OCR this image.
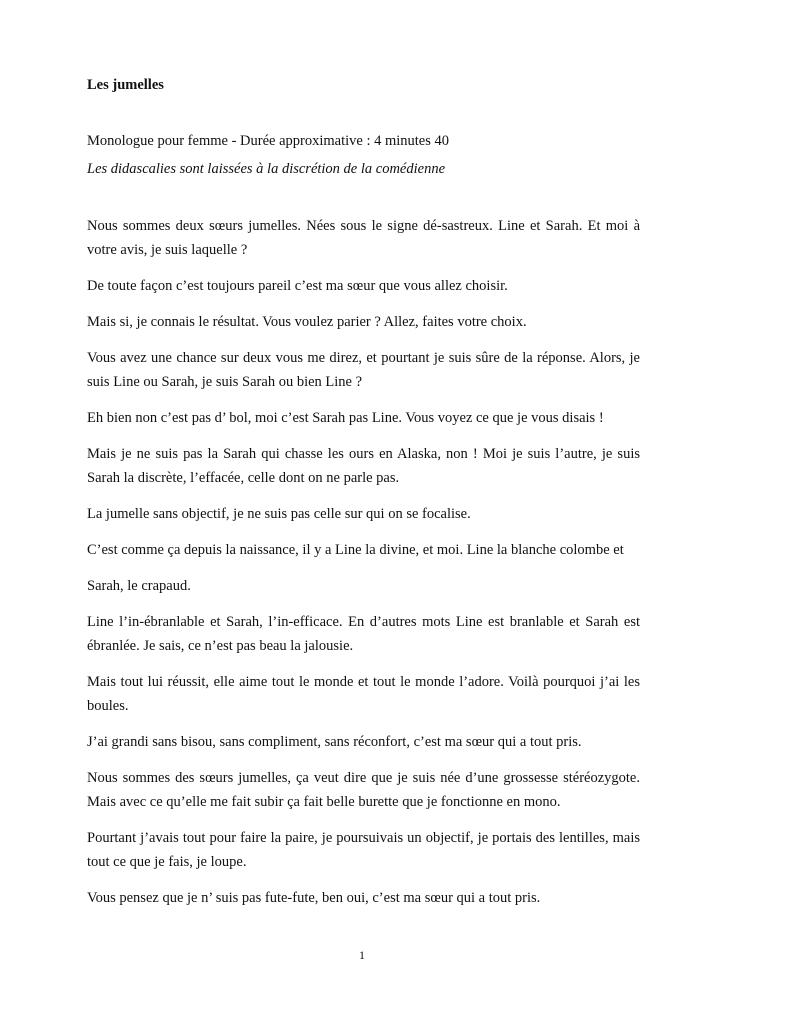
Les jumelles

Monologue pour femme - Durée approximative : 4 minutes 40

Les didascalies sont laissées à la discrétion de la comédienne

Nous sommes deux sœurs jumelles. Nées sous le signe dé-sastreux. Line et Sarah. Et moi à votre avis, je suis laquelle ?

De toute façon c’est toujours pareil c’est ma sœur que vous allez choisir.

Mais si, je connais le résultat. Vous voulez parier ? Allez, faites votre choix.

Vous avez une chance sur deux vous me direz, et pourtant je suis sûre de la réponse. Alors, je suis Line ou Sarah, je suis Sarah ou bien Line ?

Eh bien non c’est pas d’ bol, moi c’est Sarah pas Line. Vous voyez ce que je vous disais !

Mais je ne suis pas la Sarah qui chasse les ours en Alaska, non ! Moi je suis l’autre, je suis Sarah la discrète, l’effacée, celle dont on ne parle pas.

La jumelle sans objectif, je ne suis pas celle sur qui on se focalise.

C’est comme ça depuis la naissance, il y a Line la divine, et moi. Line la blanche colombe et

Sarah, le crapaud.

Line l’in-ébranlable et Sarah, l’in-efficace. En d’autres mots Line est branlable et Sarah est ébranlée. Je sais, ce n’est pas beau la jalousie.

Mais tout lui réussit, elle aime tout le monde et tout le monde l’adore. Voilà pourquoi j’ai les boules.

J’ai grandi sans bisou, sans compliment, sans réconfort, c’est ma sœur qui a tout pris.

Nous sommes des sœurs jumelles, ça veut dire que je suis née d’une grossesse stéréozygote. Mais avec ce qu’elle me fait subir ça fait belle burette que je fonctionne en mono.

Pourtant j’avais tout pour faire la paire, je poursuivais un objectif, je portais des lentilles, mais tout ce que je fais, je loupe.

Vous pensez que je n’ suis pas fute-fute, ben oui, c’est ma sœur qui a tout pris.

1
